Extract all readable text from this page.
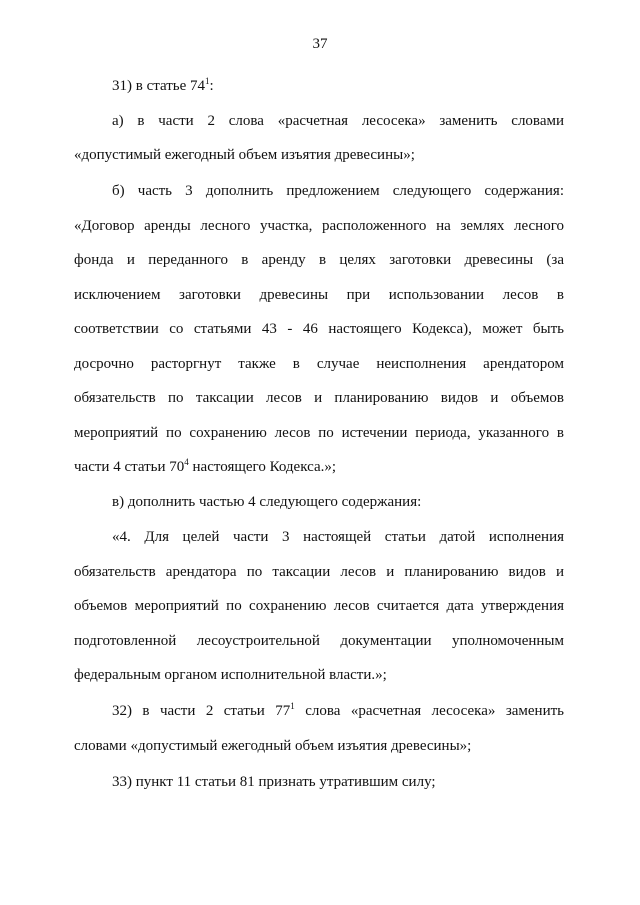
37
31) в статье $74^1$:
а) в части 2 слова «расчетная лесосека» заменить словами
«допустимый ежегодный объем изъятия древесины»;
б) часть 3 дополнить предложением следующего содержания:
«Договор аренды лесного участка, расположенного на землях лесного
фонда и переданного в аренду в целях заготовки древесины (за
исключением заготовки древесины при использовании лесов в
соответствии со статьями 43 - 46 настоящего Кодекса), может быть
досрочно расторгнут также в случае неисполнения арендатором
обязательств по таксации лесов и планированию видов и объемов
мероприятий по сохранению лесов по истечении периода, указанного в
части 4 статьи $70^4$ настоящего Кодекса.»;
в) дополнить частью 4 следующего содержания:
«4. Для целей части 3 настоящей статьи датой исполнения
обязательств арендатора по таксации лесов и планированию видов и
объемов мероприятий по сохранению лесов считается дата утверждения
подготовленной лесоустроительной документации уполномоченным
федеральным органом исполнительной власти.»;
32) в части 2 статьи $77^1$ слова «расчетная лесосека» заменить
словами «допустимый ежегодный объем изъятия древесины»;
33) пункт 11 статьи 81 признать утратившим силу;
